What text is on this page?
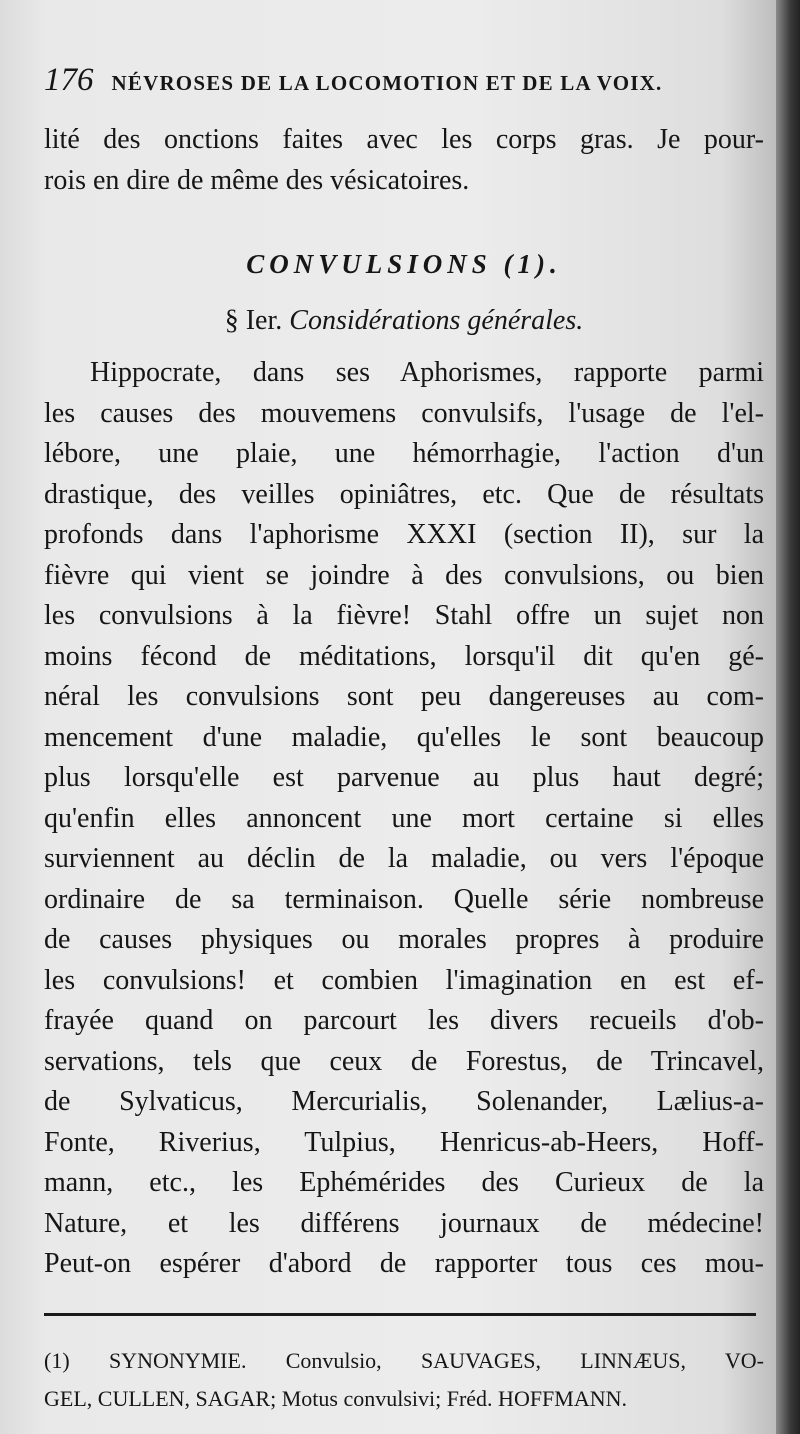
176 NÉVROSES DE LA LOCOMOTION ET DE LA VOIX.
lité des onctions faites avec les corps gras. Je pour-
rois en dire de même des vésicatoires.
CONVULSIONS (1).
§ Ier. Considérations générales.
Hippocrate, dans ses Aphorismes, rapporte parmi
les causes des mouvemens convulsifs, l'usage de l'el-
lébore, une plaie, une hémorrhagie, l'action d'un
drastique, des veilles opiniâtres, etc. Que de résultats
profonds dans l'aphorisme XXXI (section II), sur la
fièvre qui vient se joindre à des convulsions, ou bien
les convulsions à la fièvre! Stahl offre un sujet non
moins fécond de méditations, lorsqu'il dit qu'en gé-
néral les convulsions sont peu dangereuses au com-
mencement d'une maladie, qu'elles le sont beaucoup
plus lorsqu'elle est parvenue au plus haut degré;
qu'enfin elles annoncent une mort certaine si elles
surviennent au déclin de la maladie, ou vers l'époque
ordinaire de sa terminaison. Quelle série nombreuse
de causes physiques ou morales propres à produire
les convulsions! et combien l'imagination en est ef-
frayée quand on parcourt les divers recueils d'ob-
servations, tels que ceux de Forestus, de Trincavel,
de Sylvaticus, Mercurialis, Solenander, Lælius-a-
Fonte, Riverius, Tulpius, Henricus-ab-Heers, Hoff-
mann, etc., les Ephémérides des Curieux de la
Nature, et les différens journaux de médecine!
Peut-on espérer d'abord de rapporter tous ces mou-
(1) SYNONYMIE. Convulsio, SAUVAGES, LINNÆUS, VO-
GEL, CULLEN, SAGAR; Motus convulsivi; Fréd. HOFFMANN.
